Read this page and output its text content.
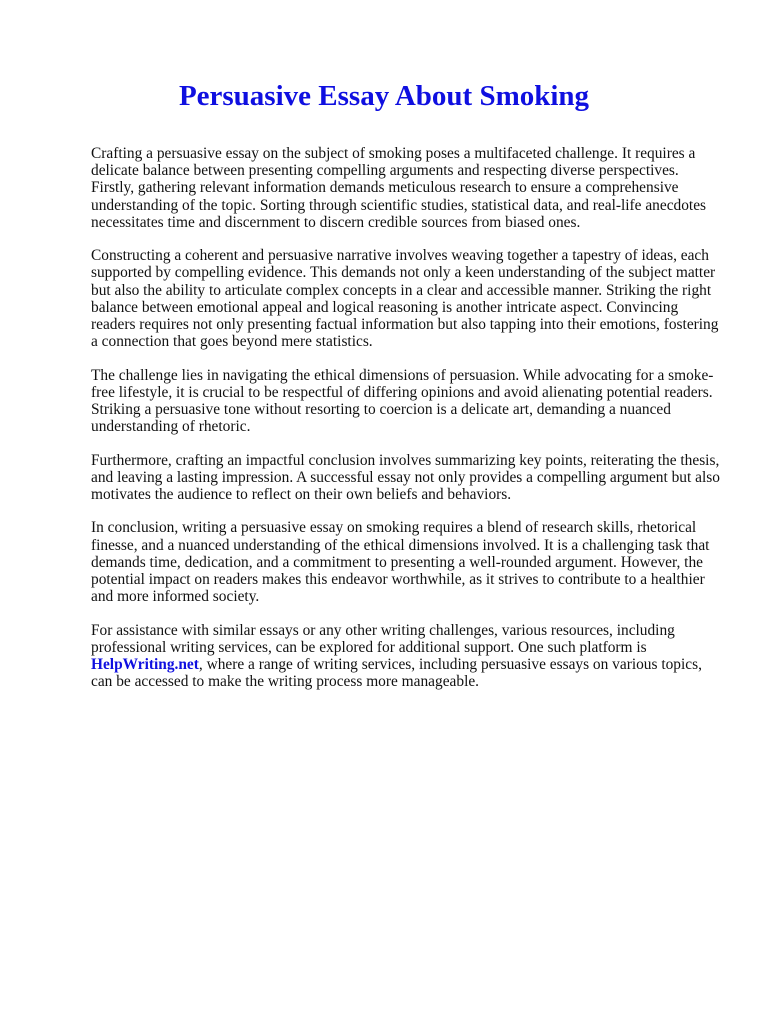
Persuasive Essay About Smoking

Crafting a persuasive essay on the subject of smoking poses a multifaceted challenge. It requires a delicate balance between presenting compelling arguments and respecting diverse perspectives. Firstly, gathering relevant information demands meticulous research to ensure a comprehensive understanding of the topic. Sorting through scientific studies, statistical data, and real-life anecdotes necessitates time and discernment to discern credible sources from biased ones.

Constructing a coherent and persuasive narrative involves weaving together a tapestry of ideas, each supported by compelling evidence. This demands not only a keen understanding of the subject matter but also the ability to articulate complex concepts in a clear and accessible manner. Striking the right balance between emotional appeal and logical reasoning is another intricate aspect. Convincing readers requires not only presenting factual information but also tapping into their emotions, fostering a connection that goes beyond mere statistics.

The challenge lies in navigating the ethical dimensions of persuasion. While advocating for a smoke-free lifestyle, it is crucial to be respectful of differing opinions and avoid alienating potential readers. Striking a persuasive tone without resorting to coercion is a delicate art, demanding a nuanced understanding of rhetoric.

Furthermore, crafting an impactful conclusion involves summarizing key points, reiterating the thesis, and leaving a lasting impression. A successful essay not only provides a compelling argument but also motivates the audience to reflect on their own beliefs and behaviors.

In conclusion, writing a persuasive essay on smoking requires a blend of research skills, rhetorical finesse, and a nuanced understanding of the ethical dimensions involved. It is a challenging task that demands time, dedication, and a commitment to presenting a well-rounded argument. However, the potential impact on readers makes this endeavor worthwhile, as it strives to contribute to a healthier and more informed society.

For assistance with similar essays or any other writing challenges, various resources, including professional writing services, can be explored for additional support. One such platform is HelpWriting.net, where a range of writing services, including persuasive essays on various topics, can be accessed to make the writing process more manageable.
